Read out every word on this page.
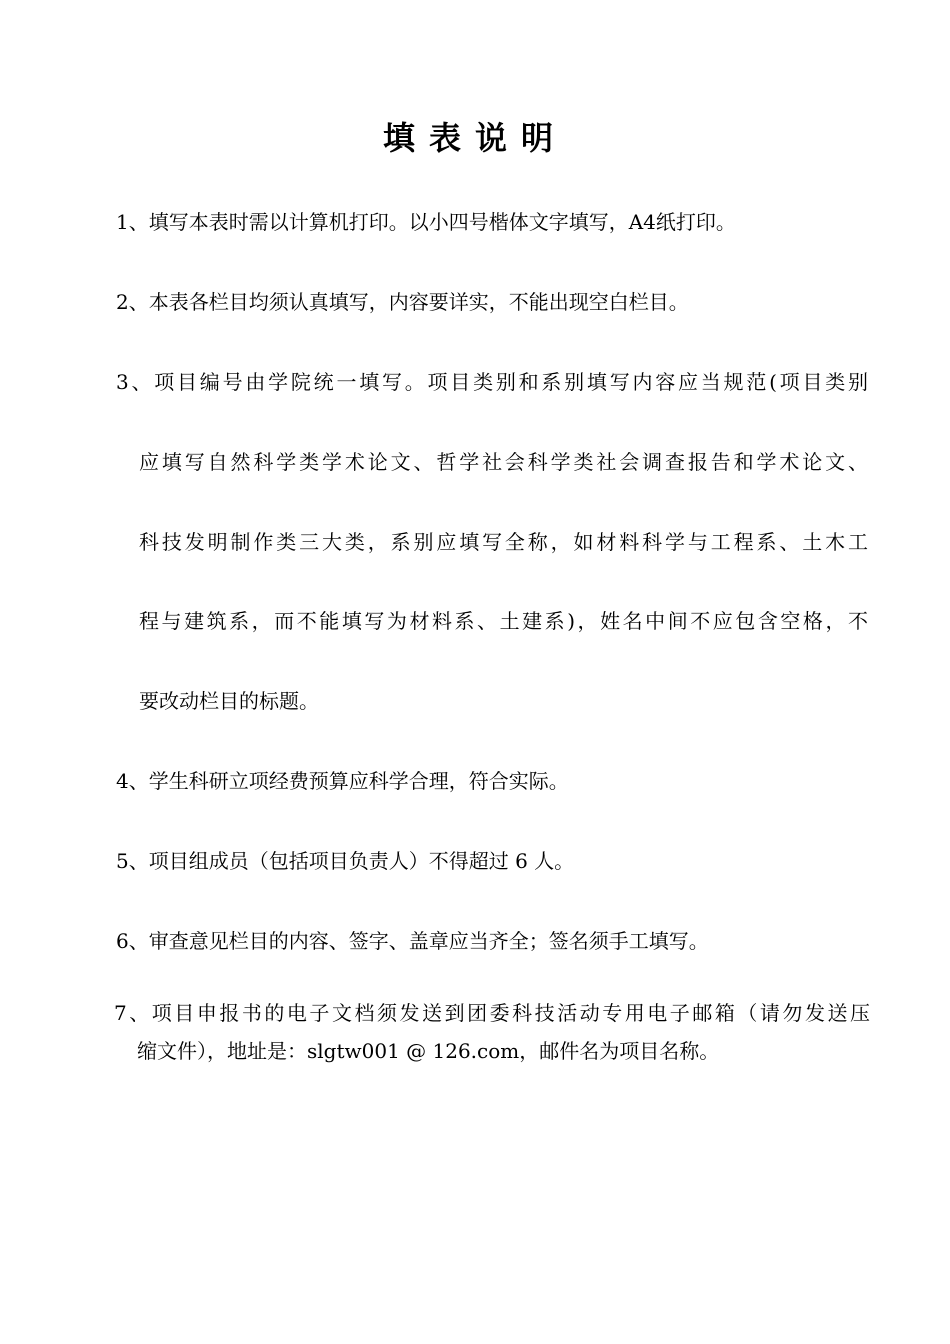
填表说明
1、填写本表时需以计算机打印。以小四号楷体文字填写，A4纸打印。
2、本表各栏目均须认真填写，内容要详实，不能出现空白栏目。
3、项目编号由学院统一填写。项目类别和系别填写内容应当规范(项目类别
应填写自然科学类学术论文、哲学社会科学类社会调查报告和学术论文、
科技发明制作类三大类，系别应填写全称，如材料科学与工程系、土木工
程与建筑系，而不能填写为材料系、土建系)，姓名中间不应包含空格，不
要改动栏目的标题。
4、学生科研立项经费预算应科学合理，符合实际。
5、项目组成员（包括项目负责人）不得超过 6 人。
6、审查意见栏目的内容、签字、盖章应当齐全；签名须手工填写。
7、项目申报书的电子文档须发送到团委科技活动专用电子邮箱（请勿发送压
缩文件），地址是：slgtw001 @ 126.com，邮件名为项目名称。
